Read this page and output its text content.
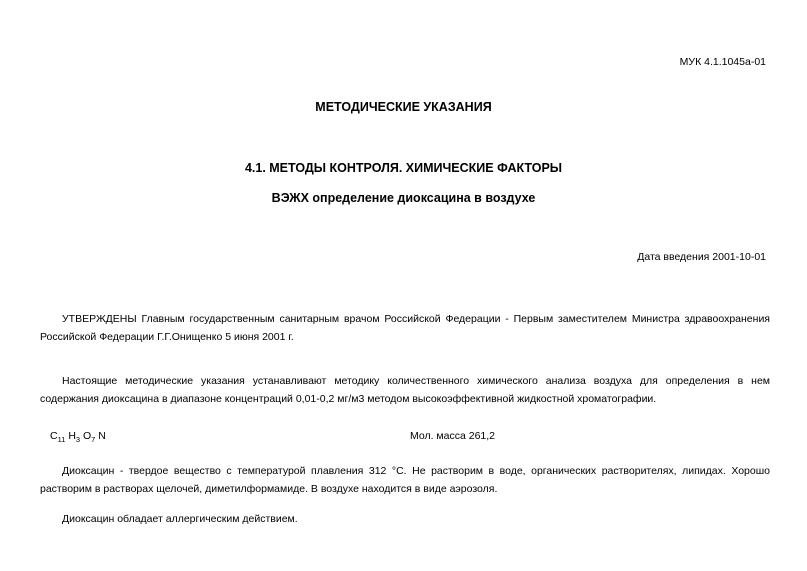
МУК 4.1.1045а-01
МЕТОДИЧЕСКИЕ УКАЗАНИЯ
4.1. МЕТОДЫ КОНТРОЛЯ. ХИМИЧЕСКИЕ ФАКТОРЫ
ВЭЖХ определение диоксацина в воздухе
Дата введения 2001-10-01
УТВЕРЖДЕНЫ Главным государственным санитарным врачом Российской Федерации - Первым заместителем Министра здравоохранения Российской Федерации Г.Г.Онищенко 5 июня 2001 г.
Настоящие методические указания устанавливают методику количественного химического анализа воздуха для определения в нем содержания диоксацина в диапазоне концентраций 0,01-0,2 мг/м3 методом высокоэффективной жидкостной хроматографии.
$C_{11}$ $H_3$ $O_7$ N	Мол. масса 261,2
Диоксацин - твердое вещество с температурой плавления 312 °С. Не растворим в воде, органических растворителях, липидах. Хорошо растворим в растворах щелочей, диметилформамиде. В воздухе находится в виде аэрозоля.
Диоксацин обладает аллергическим действием.
